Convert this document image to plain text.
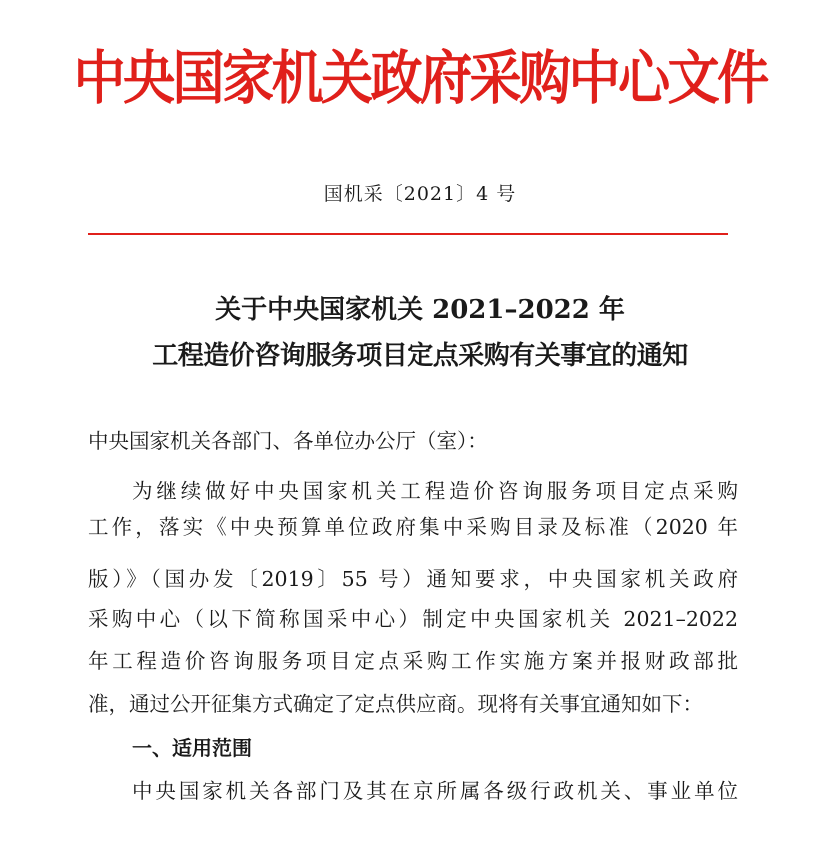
中央国家机关政府采购中心文件
国机采〔2021〕4 号
关于中央国家机关 2021–2022 年
工程造价咨询服务项目定点采购有关事宜的通知
中央国家机关各部门、各单位办公厅（室）：
为继续做好中央国家机关工程造价咨询服务项目定点采购
工作，落实《中央预算单位政府集中采购目录及标准（2020 年
版）》（国办发〔2019〕55 号）通知要求，中央国家机关政府
采购中心（以下简称国采中心）制定中央国家机关 2021–2022
年工程造价咨询服务项目定点采购工作实施方案并报财政部批
准，通过公开征集方式确定了定点供应商。现将有关事宜通知如下：
一、适用范围
中央国家机关各部门及其在京所属各级行政机关、事业单位
